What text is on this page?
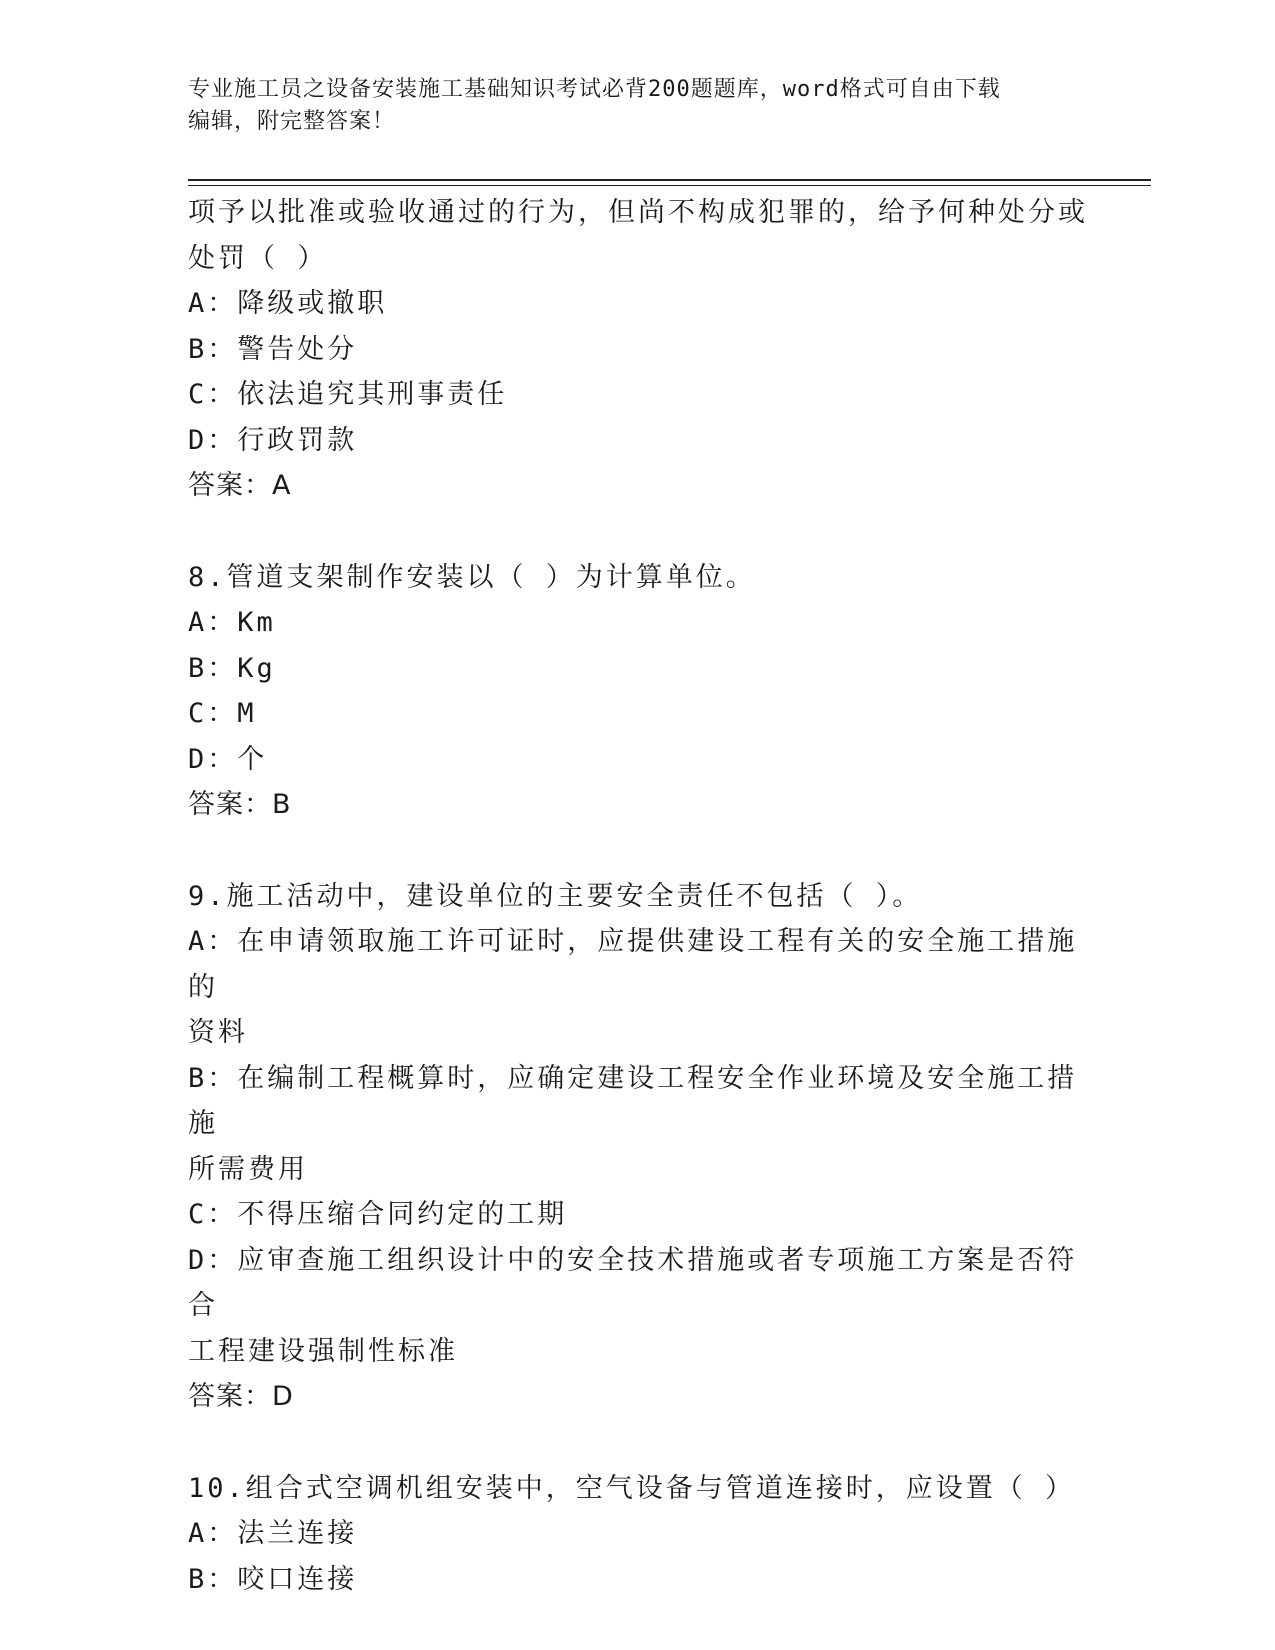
专业施工员之设备安装施工基础知识考试必背200题题库，word格式可自由下载
编辑，附完整答案！
项予以批准或验收通过的行为，但尚不构成犯罪的，给予何种处分或
处罚（ ）
A：降级或撤职
B：警告处分
C：依法追究其刑事责任
D：行政罚款
答案：A
8.管道支架制作安装以（ ）为计算单位。
A：Km
B：Kg
C：M
D：个
答案：B
9.施工活动中，建设单位的主要安全责任不包括（ ）。
A：在申请领取施工许可证时，应提供建设工程有关的安全施工措施的
资料
B：在编制工程概算时，应确定建设工程安全作业环境及安全施工措施
所需费用
C：不得压缩合同约定的工期
D：应审查施工组织设计中的安全技术措施或者专项施工方案是否符合
工程建设强制性标准
答案：D
10.组合式空调机组安装中，空气设备与管道连接时，应设置（ ）
A：法兰连接
B：咬口连接
